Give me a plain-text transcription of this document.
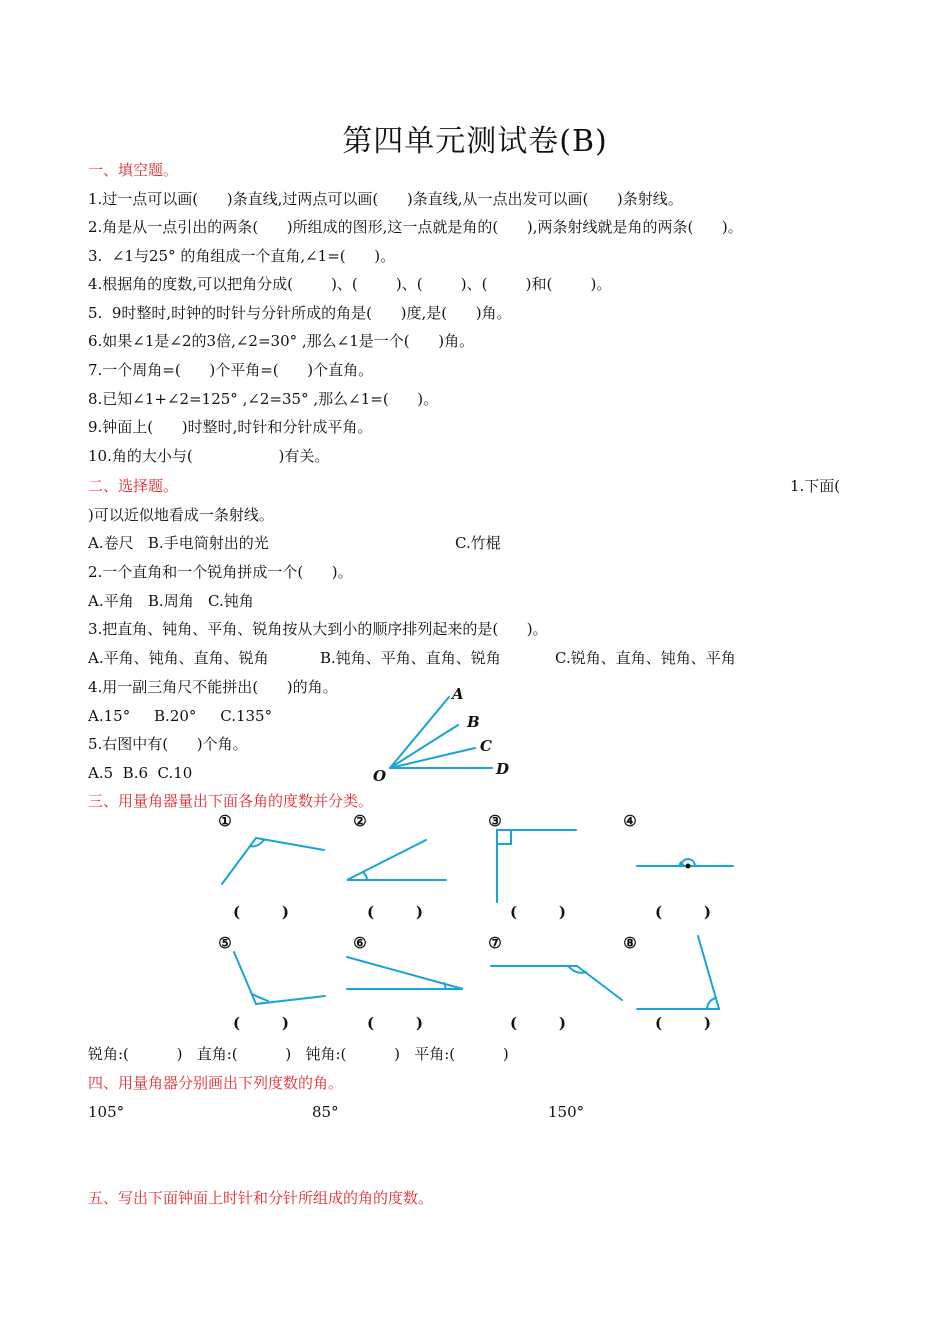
第四单元测试卷(B)
一、填空题。
1.过一点可以画(      )条直线,过两点可以画(      )条直线,从一点出发可以画(      )条射线。
2.角是从一点引出的两条(      )所组成的图形,这一点就是角的(      ),两条射线就是角的两条(      )。
3.  ∠1与25° 的角组成一个直角,∠1=(      )。
4.根据角的度数,可以把角分成(        )、(        )、(        )、(        )和(        )。
5.  9时整时,时钟的时针与分针所成的角是(      )度,是(      )角。
6.如果∠1是∠2的3倍,∠2=30° ,那么∠1是一个(      )角。
7.一个周角=(      )个平角=(      )个直角。
8.已知∠1+∠2=125° ,∠2=35° ,那么∠1=(      )。
9.钟面上(      )时整时,时针和分针成平角。
10.角的大小与(                  )有关。
二、选择题。	1.下面(
)可以近似地看成一条射线。
A.卷尺   B.手电筒射出的光	C.竹棍
2.一个直角和一个锐角拼成一个(      )。
A.平角   B.周角   C.钝角
3.把直角、钝角、平角、锐角按从大到小的顺序排列起来的是(      )。
A.平角、钝角、直角、锐角	B.钝角、平角、直角、锐角	C.锐角、直角、钝角、平角
4.用一副三角尺不能拼出(      )的角。
A.15°     B.20°     C.135°
5.右图中有(      )个角。
A.5  B.6  C.10
三、用量角器量出下面各角的度数并分类。
A
B
C
D
O
①	②	③	④
⑤	⑥	⑦	⑧
(        )	(        )	(        )	(        )
(        )	(        )	(        )	(        )
锐角:(          )   直角:(          )   钝角:(          )   平角:(          )
四、用量角器分别画出下列度数的角。
105°	85°	150°
五、写出下面钟面上时针和分针所组成的角的度数。
